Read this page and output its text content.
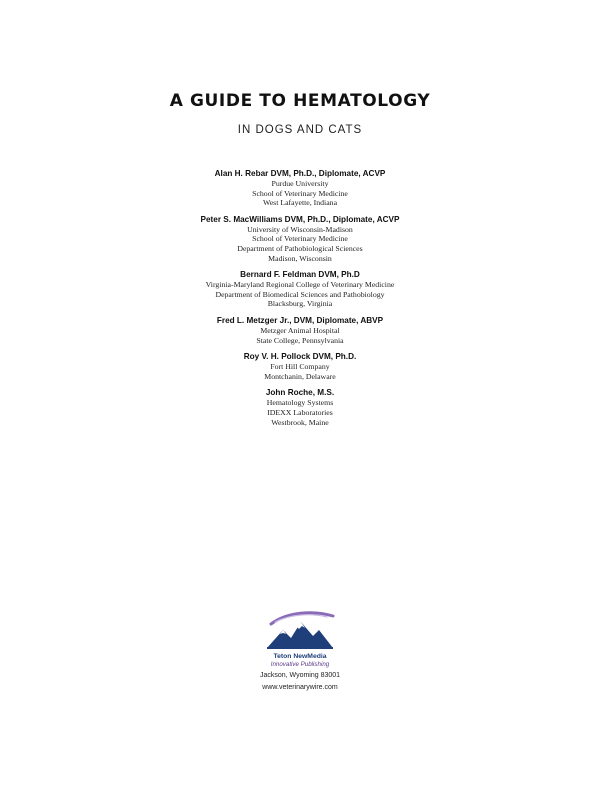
A GUIDE TO HEMATOLOGY
IN DOGS AND CATS
Alan H. Rebar DVM, Ph.D., Diplomate, ACVP
Purdue University
School of Veterinary Medicine
West Lafayette, Indiana
Peter S. MacWilliams DVM, Ph.D., Diplomate, ACVP
University of Wisconsin-Madison
School of Veterinary Medicine
Department of Pathobiological Sciences
Madison, Wisconsin
Bernard F. Feldman DVM, Ph.D
Virginia-Maryland Regional College of Veterinary Medicine
Department of Biomedical Sciences and Pathobiology
Blacksburg, Virginia
Fred L. Metzger Jr., DVM, Diplomate, ABVP
Metzger Animal Hospital
State College, Pennsylvania
Roy V. H. Pollock DVM, Ph.D.
Fort Hill Company
Montchanin, Delaware
John Roche, M.S.
Hematology Systems
IDEXX Laboratories
Westbrook, Maine
Teton NewMedia
Innovative Publishing
Jackson, Wyoming 83001
www.veterinarywire.com
